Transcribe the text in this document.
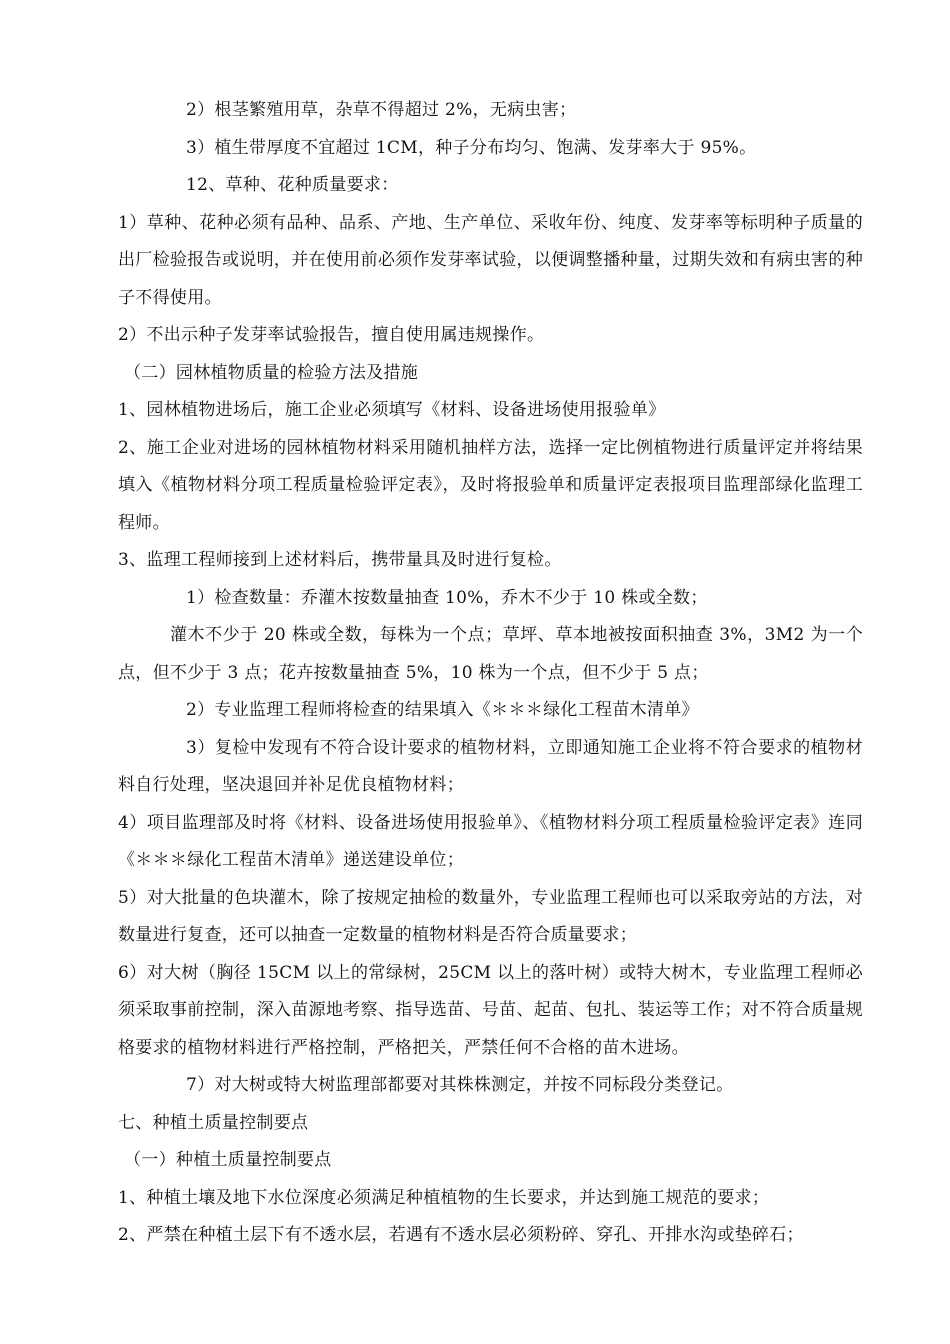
2）根茎繁殖用草，杂草不得超过 2%，无病虫害；

3）植生带厚度不宜超过 1CM，种子分布均匀、饱满、发芽率大于 95%。

12、草种、花种质量要求：

1）草种、花种必须有品种、品系、产地、生产单位、采收年份、纯度、发芽率等标明种子质量的出厂检验报告或说明，并在使用前必须作发芽率试验，以便调整播种量，过期失效和有病虫害的种子不得使用。

2）不出示种子发芽率试验报告，擅自使用属违规操作。

（二）园林植物质量的检验方法及措施

1、园林植物进场后，施工企业必须填写《材料、设备进场使用报验单》

2、施工企业对进场的园林植物材料采用随机抽样方法，选择一定比例植物进行质量评定并将结果填入《植物材料分项工程质量检验评定表》，及时将报验单和质量评定表报项目监理部绿化监理工程师。

3、监理工程师接到上述材料后，携带量具及时进行复检。

1）检查数量：乔灌木按数量抽查 10%，乔木不少于 10 株或全数；

灌木不少于 20 株或全数，每株为一个点；草坪、草本地被按面积抽查 3%，3M2 为一个点，但不少于 3 点；花卉按数量抽查 5%，10 株为一个点，但不少于 5 点；

2）专业监理工程师将检查的结果填入《＊＊＊绿化工程苗木清单》

3）复检中发现有不符合设计要求的植物材料，立即通知施工企业将不符合要求的植物材料自行处理，坚决退回并补足优良植物材料；

4）项目监理部及时将《材料、设备进场使用报验单》、《植物材料分项工程质量检验评定表》连同《＊＊＊绿化工程苗木清单》递送建设单位；

5）对大批量的色块灌木，除了按规定抽检的数量外，专业监理工程师也可以采取旁站的方法，对数量进行复查，还可以抽查一定数量的植物材料是否符合质量要求；

6）对大树（胸径 15CM 以上的常绿树，25CM 以上的落叶树）或特大树木，专业监理工程师必须采取事前控制，深入苗源地考察、指导选苗、号苗、起苗、包扎、装运等工作；对不符合质量规格要求的植物材料进行严格控制，严格把关，严禁任何不合格的苗木进场。

7）对大树或特大树监理部都要对其株株测定，并按不同标段分类登记。

七、种植土质量控制要点

（一）种植土质量控制要点

1、种植土壤及地下水位深度必须满足种植植物的生长要求，并达到施工规范的要求；

2、严禁在种植土层下有不透水层，若遇有不透水层必须粉碎、穿孔、开排水沟或垫碎石；
